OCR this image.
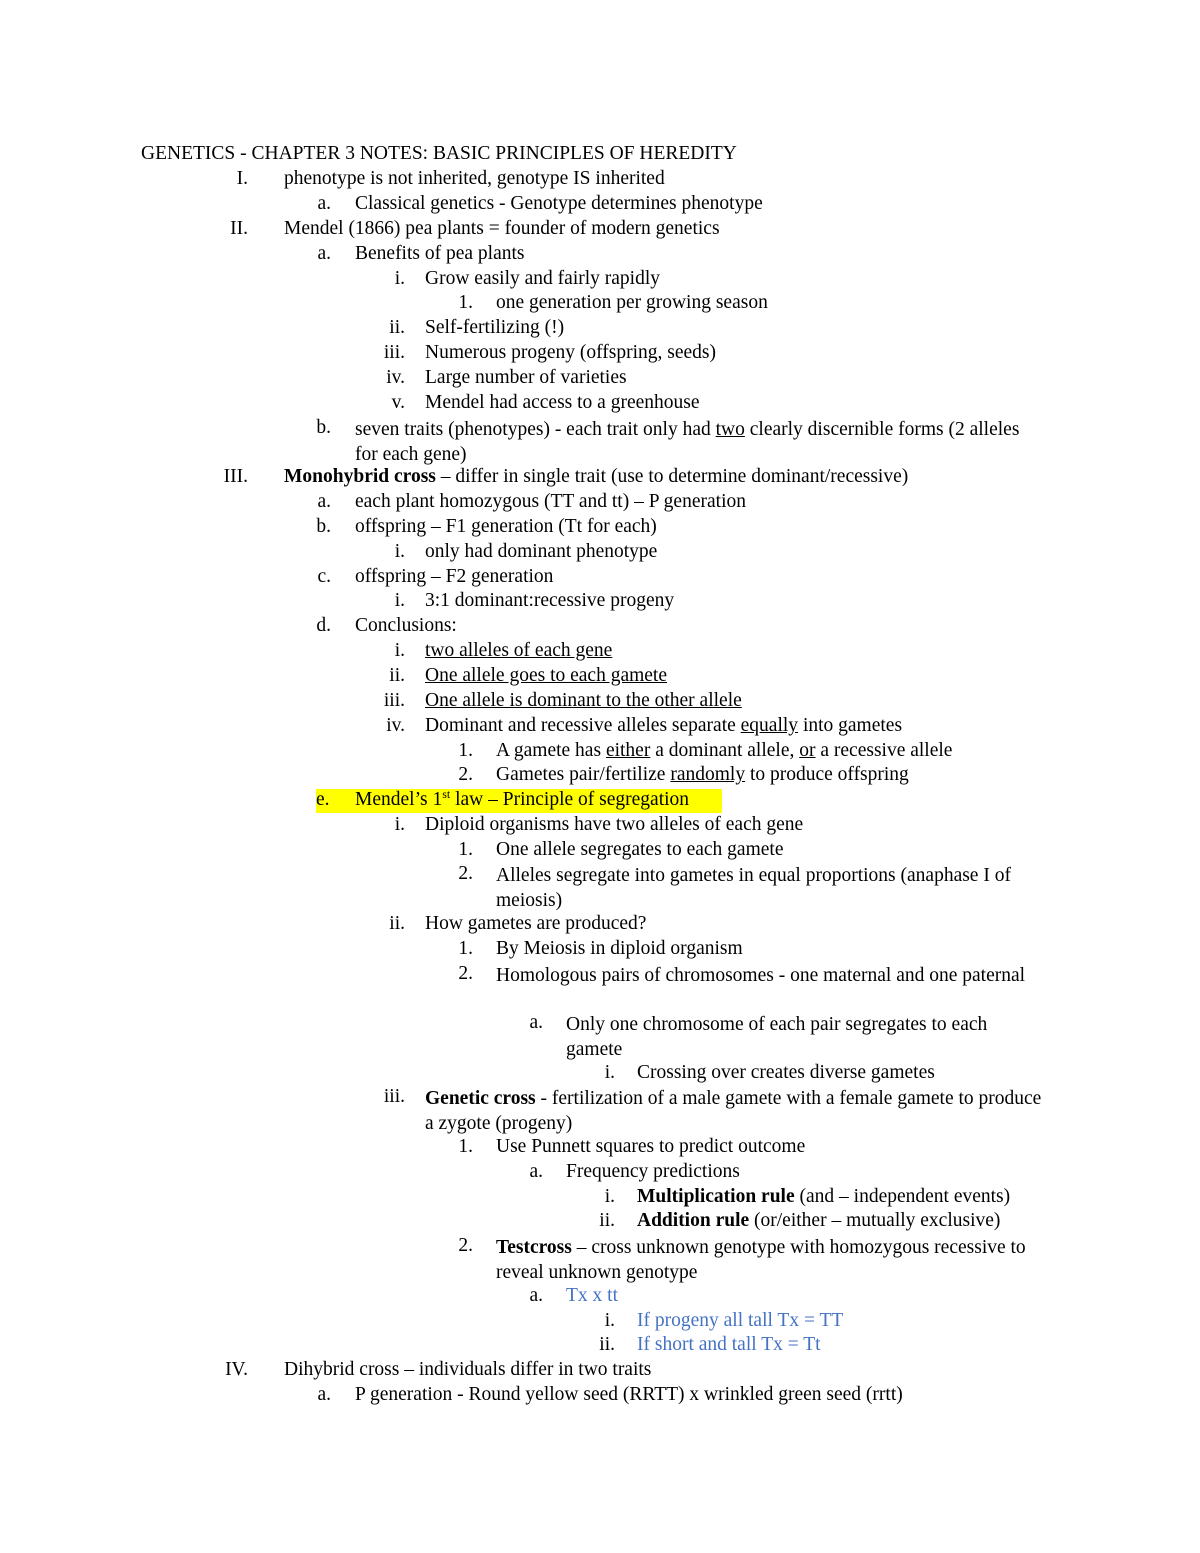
GENETICS - CHAPTER 3 NOTES: BASIC PRINCIPLES OF HEREDITY
I. phenotype is not inherited, genotype IS inherited
a. Classical genetics - Genotype determines phenotype
II. Mendel (1866) pea plants = founder of modern genetics
a. Benefits of pea plants
i. Grow easily and fairly rapidly
1. one generation per growing season
ii. Self-fertilizing (!)
iii. Numerous progeny (offspring, seeds)
iv. Large number of varieties
v. Mendel had access to a greenhouse
b. seven traits (phenotypes) - each trait only had two clearly discernible forms (2 alleles for each gene)
III. Monohybrid cross – differ in single trait (use to determine dominant/recessive)
a. each plant homozygous (TT and tt) – P generation
b. offspring – F1 generation (Tt for each)
i. only had dominant phenotype
c. offspring – F2 generation
i. 3:1 dominant:recessive progeny
d. Conclusions:
i. two alleles of each gene
ii. One allele goes to each gamete
iii. One allele is dominant to the other allele
iv. Dominant and recessive alleles separate equally into gametes
1. A gamete has either a dominant allele, or a recessive allele
2. Gametes pair/fertilize randomly to produce offspring
e. Mendel’s 1st law – Principle of segregation
i. Diploid organisms have two alleles of each gene
1. One allele segregates to each gamete
2. Alleles segregate into gametes in equal proportions (anaphase I of meiosis)
ii. How gametes are produced?
1. By Meiosis in diploid organism
2. Homologous pairs of chromosomes - one maternal and one paternal
a. Only one chromosome of each pair segregates to each gamete
i. Crossing over creates diverse gametes
iii. Genetic cross - fertilization of a male gamete with a female gamete to produce a zygote (progeny)
1. Use Punnett squares to predict outcome
a. Frequency predictions
i. Multiplication rule (and – independent events)
ii. Addition rule (or/either – mutually exclusive)
2. Testcross – cross unknown genotype with homozygous recessive to reveal unknown genotype
a. Tx x tt
i. If progeny all tall Tx = TT
ii. If short and tall Tx = Tt
IV. Dihybrid cross – individuals differ in two traits
a. P generation - Round yellow seed (RRTT) x wrinkled green seed (rrtt)
